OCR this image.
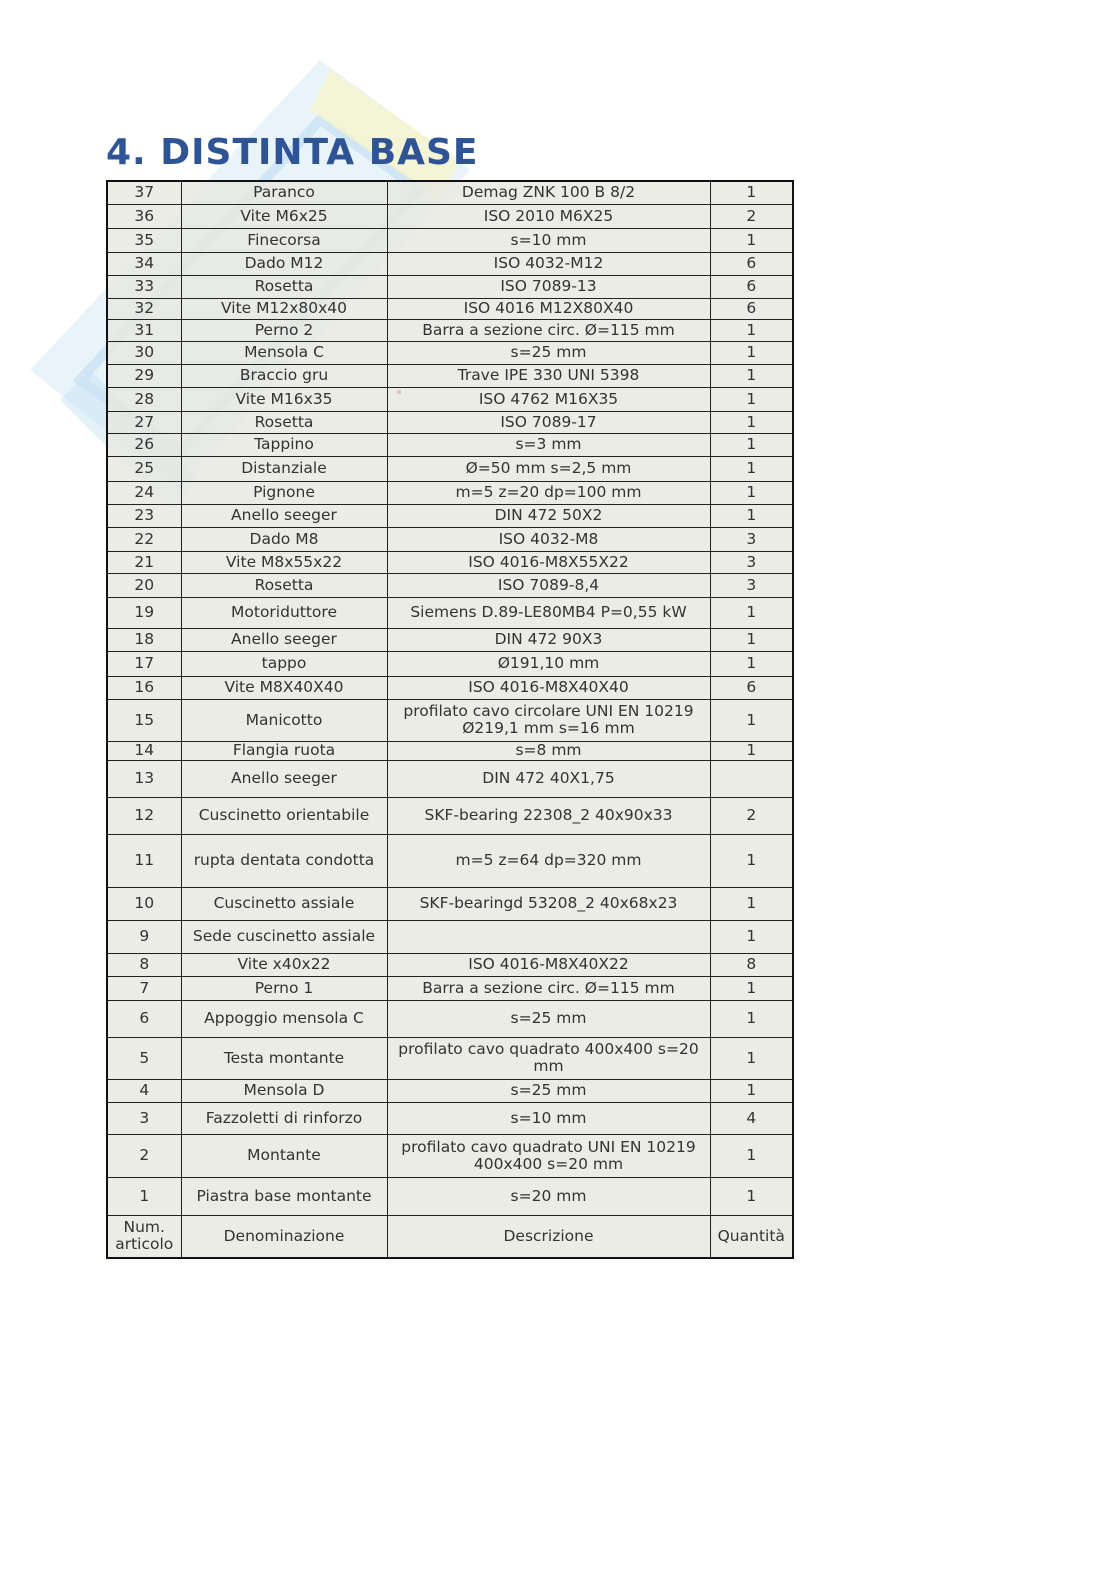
4. DISTINTA BASE
37	Paranco	Demag ZNK 100 B 8/2	1
36	Vite M6x25	ISO 2010 M6X25	2
35	Finecorsa	s=10 mm	1
34	Dado M12	ISO 4032-M12	6
33	Rosetta	ISO 7089-13	6
32	Vite M12x80x40	ISO 4016 M12X80X40	6
31	Perno 2	Barra a sezione circ. Ø=115 mm	1
30	Mensola C	s=25 mm	1
29	Braccio gru	Trave IPE 330 UNI 5398	1
28	Vite M16x35	ISO 4762 M16X35	1
27	Rosetta	ISO 7089-17	1
26	Tappino	s=3 mm	1
25	Distanziale	Ø=50 mm s=2,5 mm	1
24	Pignone	m=5 z=20 dp=100 mm	1
23	Anello seeger	DIN 472 50X2	1
22	Dado M8	ISO 4032-M8	3
21	Vite M8x55x22	ISO 4016-M8X55X22	3
20	Rosetta	ISO 7089-8,4	3
19	Motoriduttore	Siemens D.89-LE80MB4 P=0,55 kW	1
18	Anello seeger	DIN 472 90X3	1
17	tappo	Ø191,10 mm	1
16	Vite M8X40X40	ISO 4016-M8X40X40	6
15	Manicotto	profilato cavo circolare UNI EN 10219 Ø219,1 mm s=16 mm	1
14	Flangia ruota	s=8 mm	1
13	Anello seeger	DIN 472 40X1,75	
12	Cuscinetto orientabile	SKF-bearing 22308_2 40x90x33	2
11	rupta dentata condotta	m=5 z=64 dp=320 mm	1
10	Cuscinetto assiale	SKF-bearingd 53208_2 40x68x23	1
9	Sede cuscinetto assiale		1
8	Vite x40x22	ISO 4016-M8X40X22	8
7	Perno 1	Barra a sezione circ. Ø=115 mm	1
6	Appoggio mensola C	s=25 mm	1
5	Testa montante	profilato cavo quadrato 400x400 s=20 mm	1
4	Mensola D	s=25 mm	1
3	Fazzoletti di rinforzo	s=10 mm	4
2	Montante	profilato cavo quadrato UNI EN 10219 400x400 s=20 mm	1
1	Piastra base montante	s=20 mm	1
Num. articolo	Denominazione	Descrizione	Quantità
